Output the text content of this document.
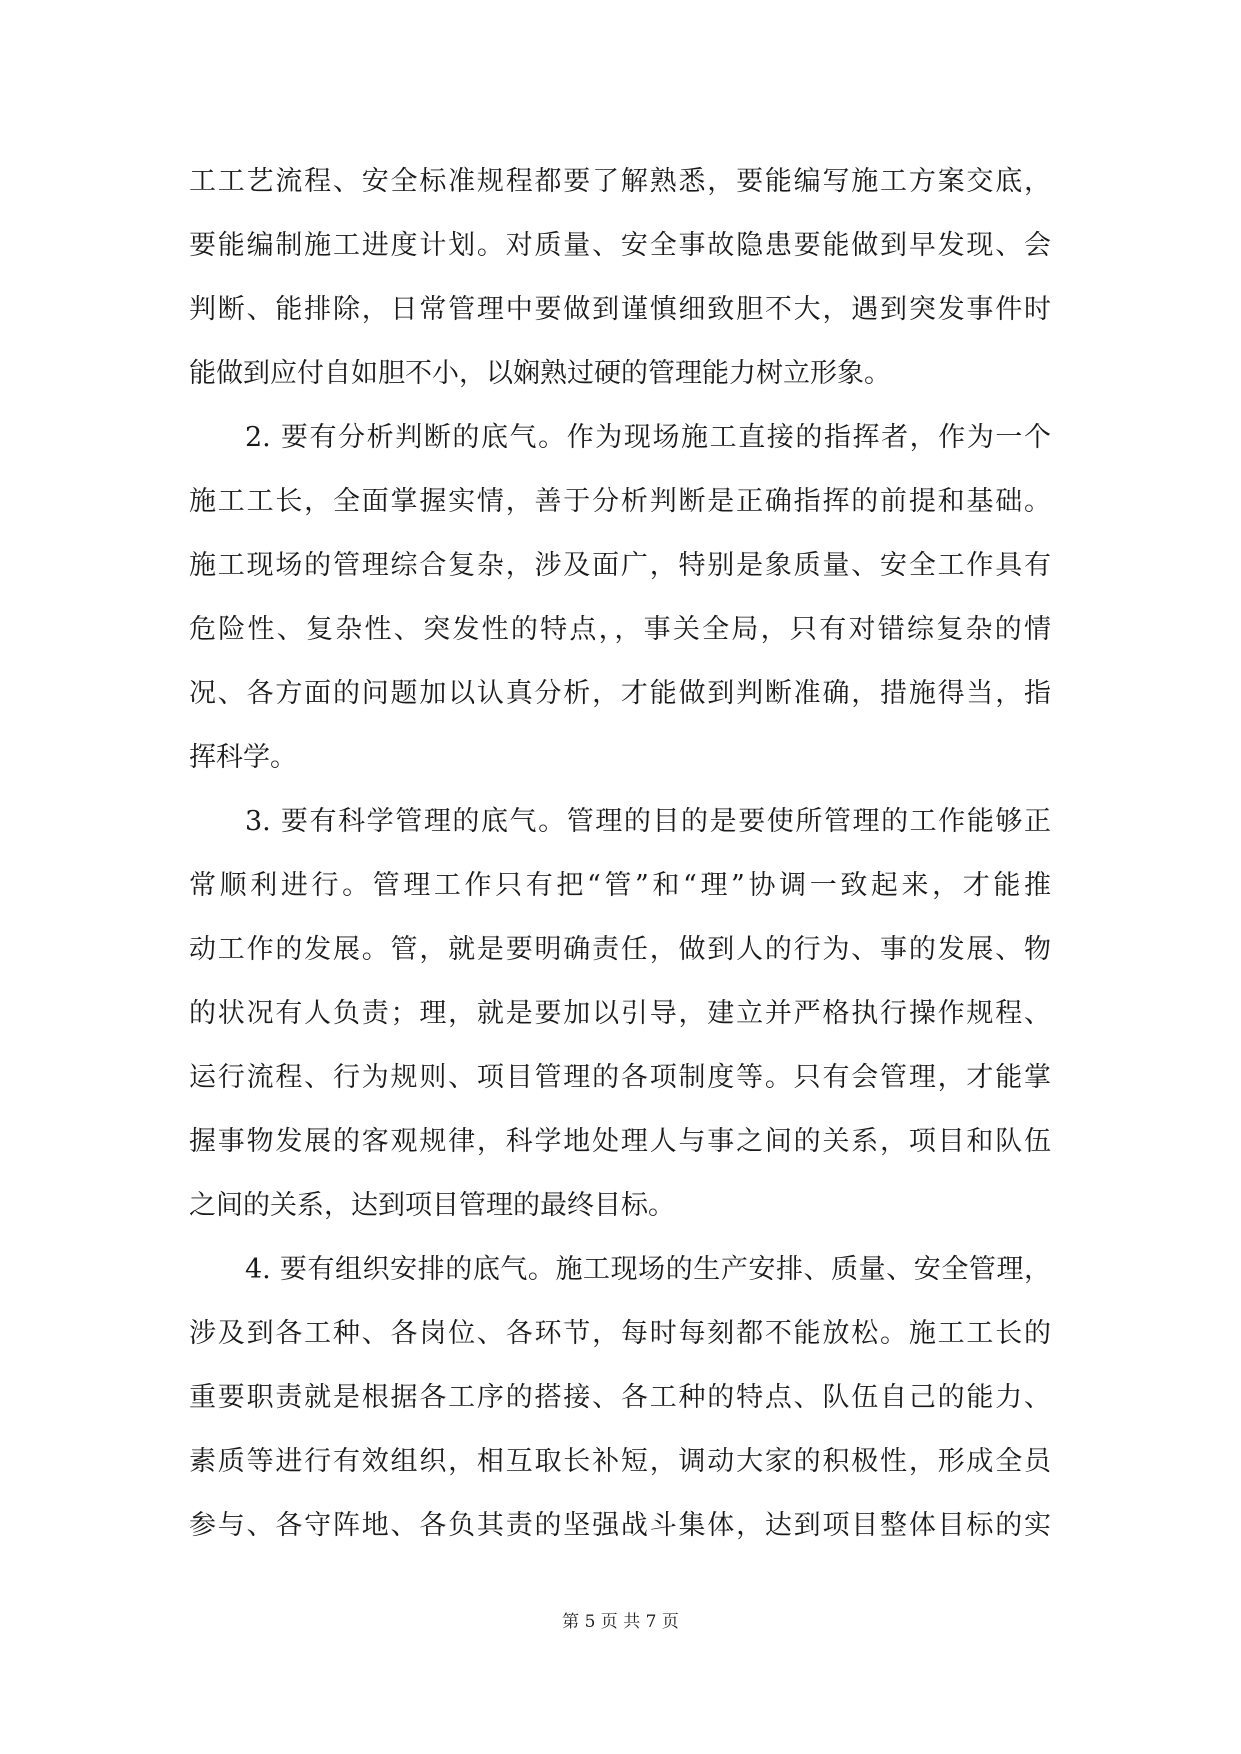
工工艺流程、安全标准规程都要了解熟悉，要能编写施工方案交底，
要能编制施工进度计划。对质量、安全事故隐患要能做到早发现、会
判断、能排除，日常管理中要做到谨慎细致胆不大，遇到突发事件时
能做到应付自如胆不小，以娴熟过硬的管理能力树立形象。
2. 要有分析判断的底气。作为现场施工直接的指挥者，作为一个
施工工长，全面掌握实情，善于分析判断是正确指挥的前提和基础。
施工现场的管理综合复杂，涉及面广，特别是象质量、安全工作具有
危险性、复杂性、突发性的特点，，事关全局，只有对错综复杂的情
况、各方面的问题加以认真分析，才能做到判断准确，措施得当，指
挥科学。
3. 要有科学管理的底气。管理的目的是要使所管理的工作能够正
常顺利进行。管理工作只有把“管”和“理”协调一致起来，才能推
动工作的发展。管，就是要明确责任，做到人的行为、事的发展、物
的状况有人负责；理，就是要加以引导，建立并严格执行操作规程、
运行流程、行为规则、项目管理的各项制度等。只有会管理，才能掌
握事物发展的客观规律，科学地处理人与事之间的关系，项目和队伍
之间的关系，达到项目管理的最终目标。
4. 要有组织安排的底气。施工现场的生产安排、质量、安全管理，
涉及到各工种、各岗位、各环节，每时每刻都不能放松。施工工长的
重要职责就是根据各工序的搭接、各工种的特点、队伍自己的能力、
素质等进行有效组织，相互取长补短，调动大家的积极性，形成全员
参与、各守阵地、各负其责的坚强战斗集体，达到项目整体目标的实
第 5 页 共 7 页
